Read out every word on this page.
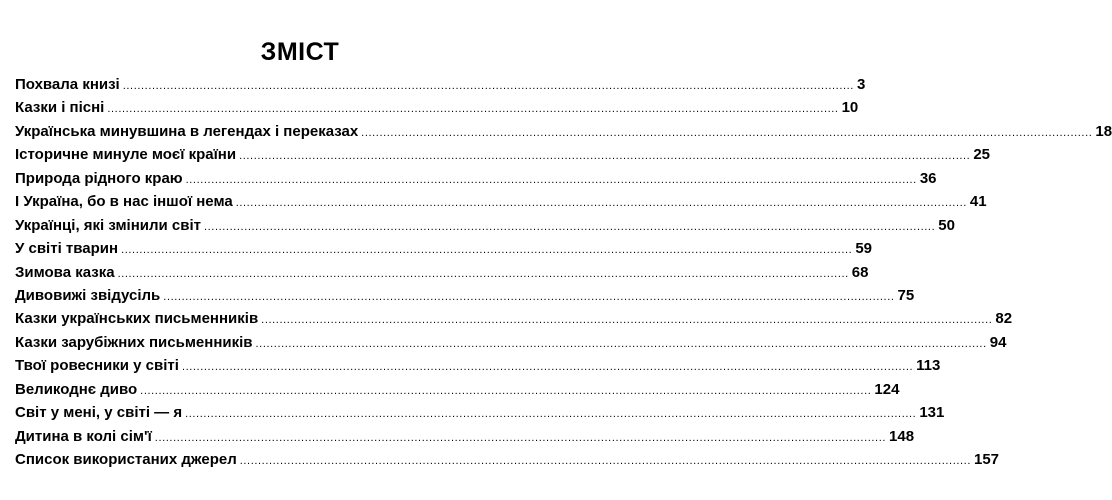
ЗМІСТ
Похвала книзі ........................................................................................................................................................................................................ 3
Казки і пісні ........................................................................................................................................................................................................ 10
Українська минувшина в легендах і переказах ........................................................................................................................................................................................................ 18
Історичне минуле моєї країни ........................................................................................................................................................................................................ 25
Природа рідного краю ........................................................................................................................................................................................................ 36
І Україна, бо в нас іншої нема ........................................................................................................................................................................................................ 41
Українці, які змінили світ ........................................................................................................................................................................................................ 50
У світі тварин ........................................................................................................................................................................................................ 59
Зимова казка ........................................................................................................................................................................................................ 68
Дивовижі звідусіль ........................................................................................................................................................................................................ 75
Казки українських письменників ........................................................................................................................................................................................................ 82
Казки зарубіжних письменників ........................................................................................................................................................................................................ 94
Твої ровесники у світі ........................................................................................................................................................................................................ 113
Великоднє диво ........................................................................................................................................................................................................ 124
Світ у мені, у світі — я ........................................................................................................................................................................................................ 131
Дитина в колі сім'ї ........................................................................................................................................................................................................ 148
Список використаних джерел ........................................................................................................................................................................................................ 157
